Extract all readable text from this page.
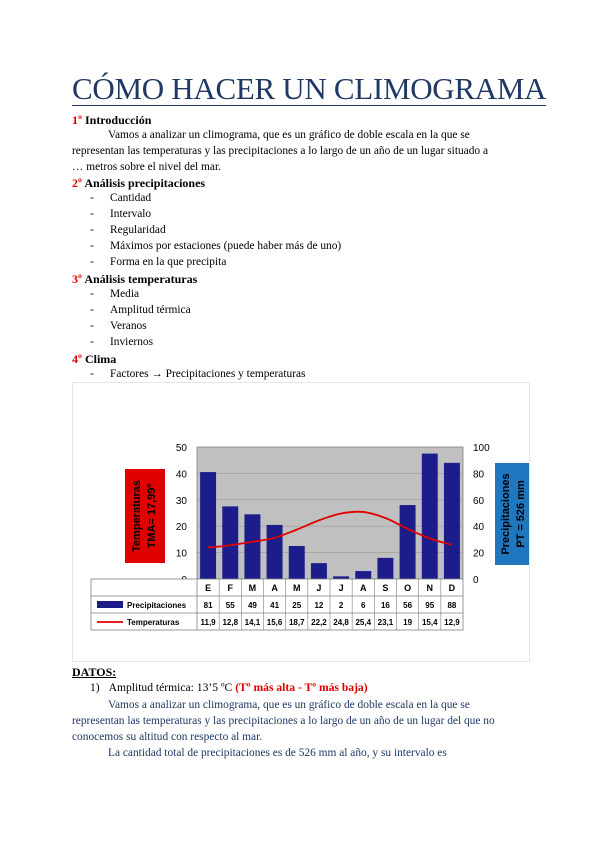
CÓMO HACER UN CLIMOGRAMA
1º Introducción
Vamos a analizar un climograma, que es un gráfico de doble escala en la que se
representan las temperaturas y las precipitaciones a lo largo de un año de un lugar situado a
… metros sobre el nivel del mar.
2º Análisis precipitaciones
- Cantidad
- Intervalo
- Regularidad
- Máximos por estaciones (puede haber más de uno)
- Forma en la que precipita
3º Análisis temperaturas
- Media
- Amplitud térmica
- Veranos
- Inviernos
4º Clima
- Factores → Precipitaciones y temperaturas
10
20
30
40
50
0
20
40
60
80
100
E
81
11,9
F
55
12,8
M
49
14,1
A
41
15,6
M
25
18,7
J
12
22,2
J
2
24,8
A
6
25,4
S
16
23,1
O
56
19
N
95
15,4
D
88
12,9
Precipitaciones
Temperaturas
Temperaturas TMA= 17,99º	Precipitaciones PT = 526 mm
DATOS:
1) Amplitud térmica: 13’5 ºC (Tº más alta - Tº más baja)
Vamos a analizar un climograma, que es un gráfico de doble escala en la que se
representan las temperaturas y las precipitaciones a lo largo de un año de un lugar del que no
conocemos su altitud con respecto al mar.
La cantidad total de precipitaciones es de 526 mm al año, y su intervalo es
